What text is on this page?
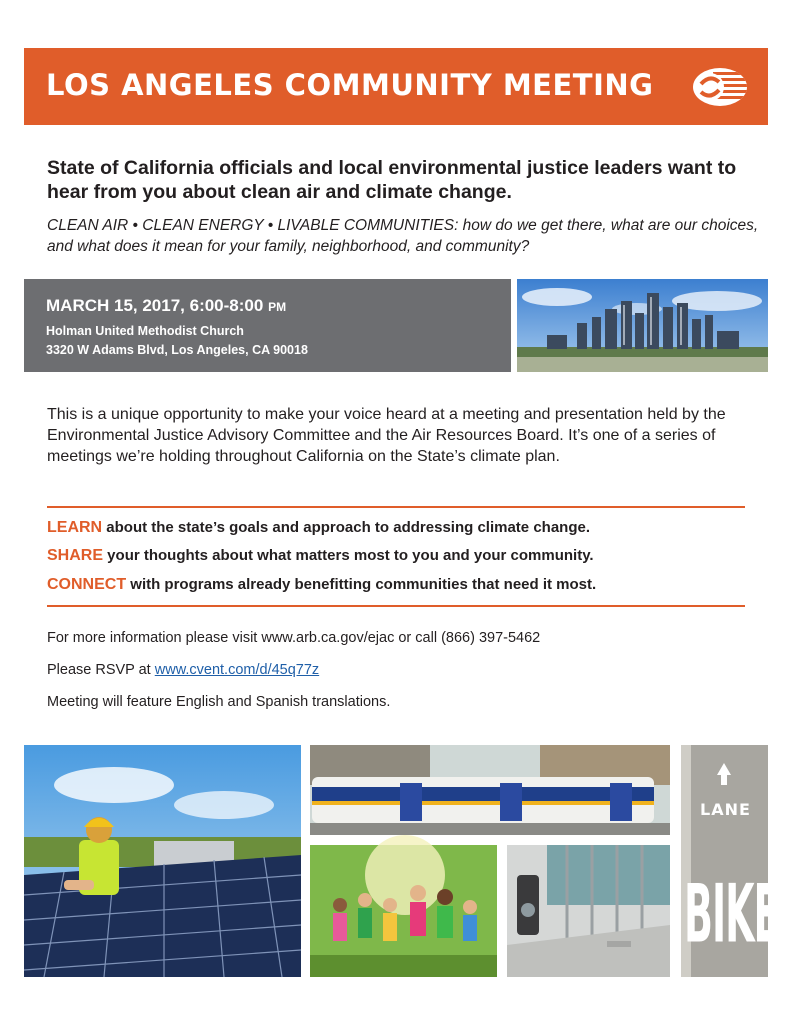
LOS ANGELES COMMUNITY MEETING
State of California officials and local environmental justice leaders want to hear from you about clean air and climate change.
CLEAN AIR • CLEAN ENERGY • LIVABLE COMMUNITIES: how do we get there, what are our choices, and what does it mean for your family, neighborhood, and community?
MARCH 15, 2017, 6:00-8:00 PM
Holman United Methodist Church
3320 W Adams Blvd, Los Angeles, CA 90018
This is a unique opportunity to make your voice heard at a meeting and presentation held by the Environmental Justice Advisory Committee and the Air Resources Board. It’s one of a series of meetings we’re holding throughout California on the State’s climate plan.
LEARN about the state’s goals and approach to addressing climate change.
SHARE your thoughts about what matters most to you and your community.
CONNECT with programs already benefitting communities that need it most.
For more information please visit www.arb.ca.gov/ejac or call (866) 397-5462
Please RSVP at www.cvent.com/d/45q77z
Meeting will feature English and Spanish translations.
LANE
BIKE
